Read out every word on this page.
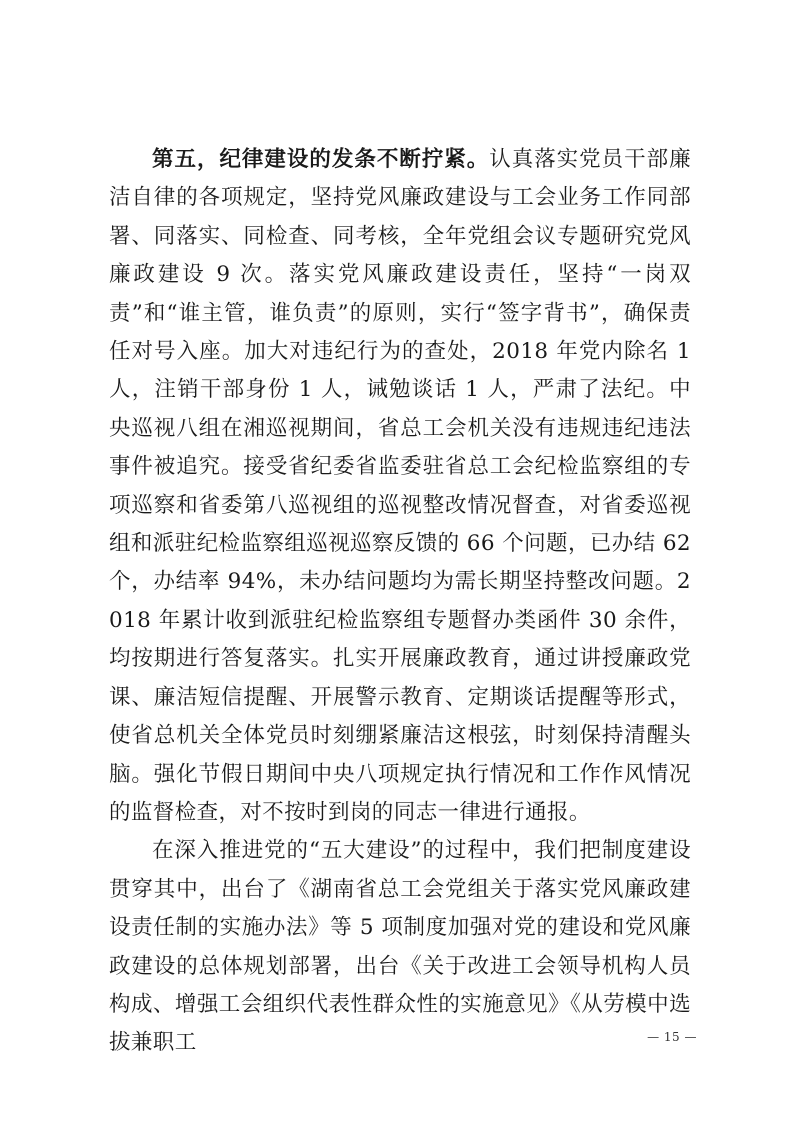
第五，纪律建设的发条不断拧紧。认真落实党员干部廉洁自律的各项规定，坚持党风廉政建设与工会业务工作同部署、同落实、同检查、同考核，全年党组会议专题研究党风廉政建设 9 次。落实党风廉政建设责任，坚持“一岗双责”和“谁主管，谁负责”的原则，实行“签字背书”，确保责任对号入座。加大对违纪行为的查处，2018 年党内除名 1 人，注销干部身份 1 人，诫勉谈话 1 人，严肃了法纪。中央巡视八组在湘巡视期间，省总工会机关没有违规违纪违法事件被追究。接受省纪委省监委驻省总工会纪检监察组的专项巡察和省委第八巡视组的巡视整改情况督查，对省委巡视组和派驻纪检监察组巡视巡察反馈的 66 个问题，已办结 62 个，办结率 94%，未办结问题均为需长期坚持整改问题。2018 年累计收到派驻纪检监察组专题督办类函件 30 余件，均按期进行答复落实。扎实开展廉政教育，通过讲授廉政党课、廉洁短信提醒、开展警示教育、定期谈话提醒等形式，使省总机关全体党员时刻绷紧廉洁这根弦，时刻保持清醒头脑。强化节假日期间中央八项规定执行情况和工作作风情况的监督检查，对不按时到岗的同志一律进行通报。

在深入推进党的“五大建设”的过程中，我们把制度建设贯穿其中，出台了《湖南省总工会党组关于落实党风廉政建设责任制的实施办法》等 5 项制度加强对党的建设和党风廉政建设的总体规划部署，出台《关于改进工会领导机构人员构成、增强工会组织代表性群众性的实施意见》《从劳模中选拔兼职工	— 15 —
